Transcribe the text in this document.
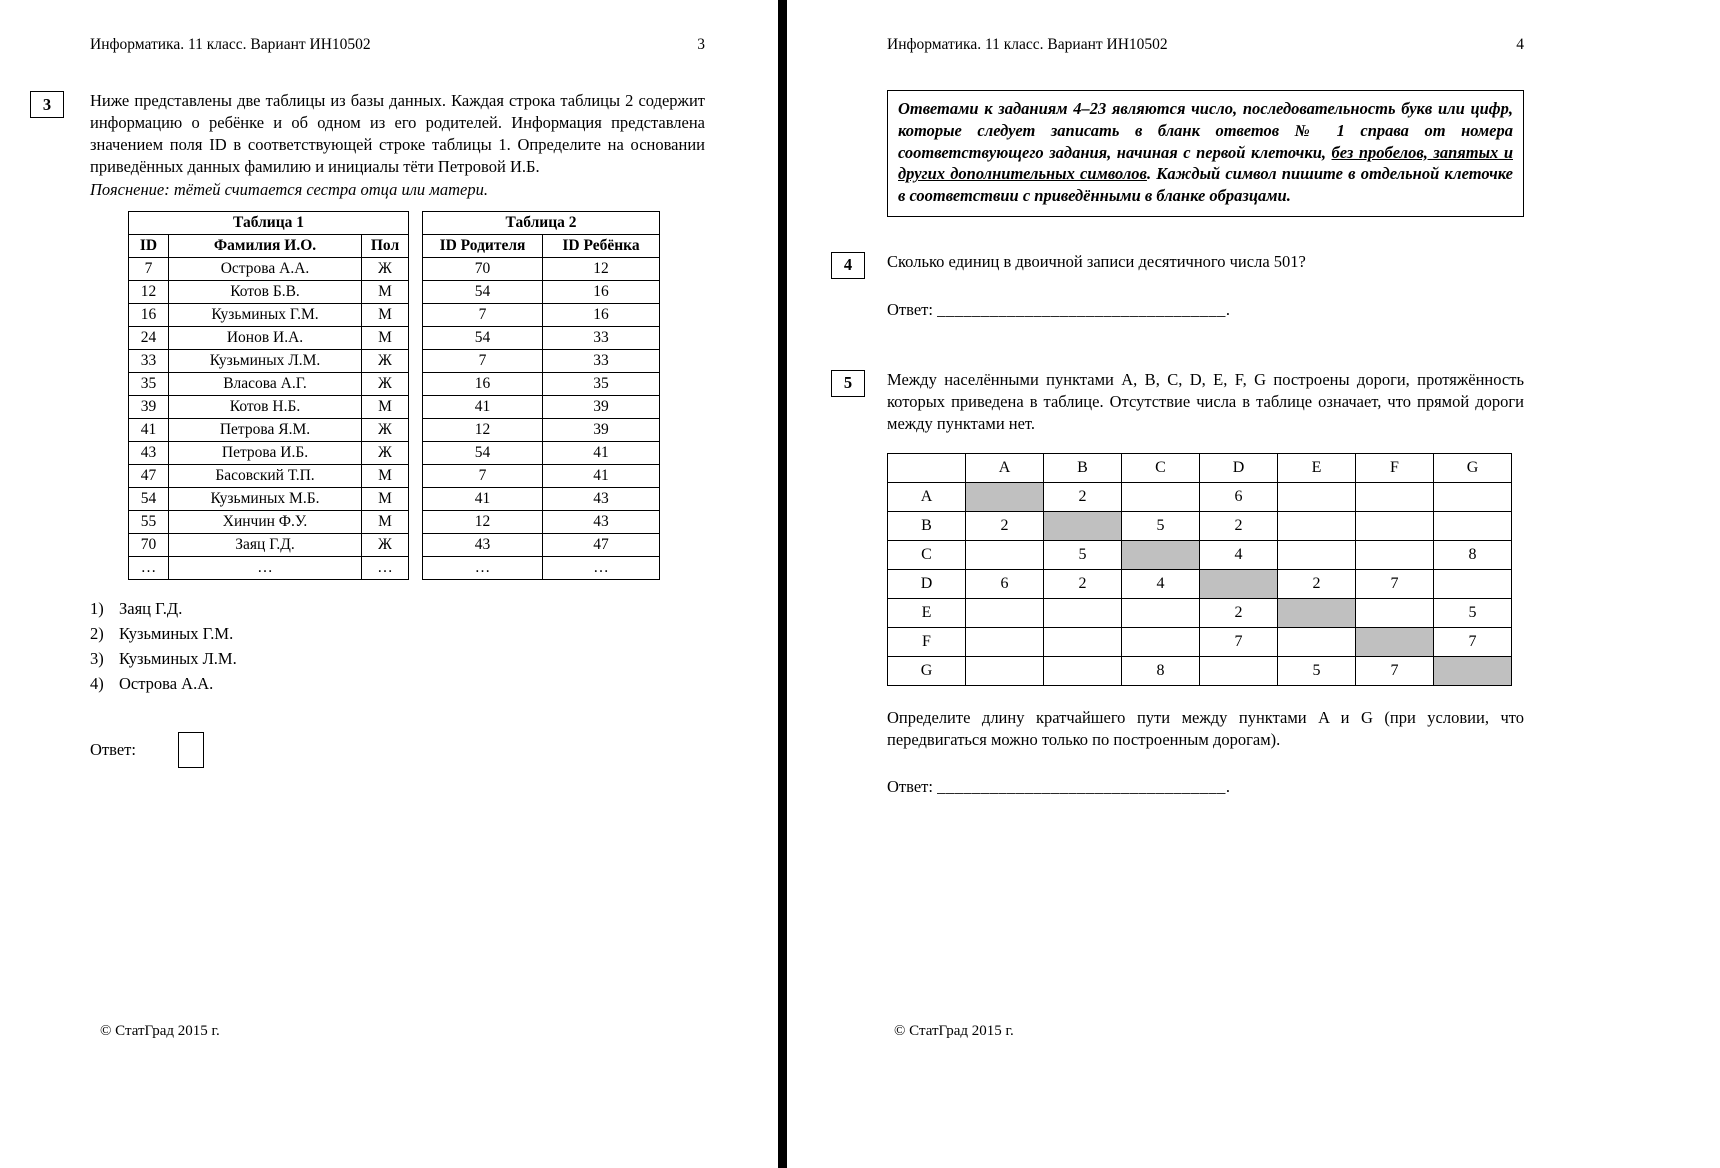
Информатика. 11 класс. Вариант ИН10502	3
3	Ниже представлены две таблицы из базы данных. Каждая строка таблицы 2 содержит информацию о ребёнке и об одном из его родителей. Информация представлена значением поля ID в соответствующей строке таблицы 1. Определите на основании приведённых данных фамилию и инициалы тёти Петровой И.Б.

Пояснение: тётей считается сестра отца или матери.

Таблица 1		
ID	Фамилия И.О.	Пол
7	Острова А.А.	Ж
12	Котов Б.В.	М
16	Кузьминых Г.М.	М
24	Ионов И.А.	М
33	Кузьминых Л.М.	Ж
35	Власова А.Г.	Ж
39	Котов Н.Б.	М
41	Петрова Я.М.	Ж
43	Петрова И.Б.	Ж
47	Басовский Т.П.	М
54	Кузьминых М.Б.	М
55	Хинчин Ф.У.	М
70	Заяц Г.Д.	Ж
…	…	…
Таблица 2	
ID Родителя	ID Ребёнка
70	12
54	16
7	16
54	33
7	33
16	35
41	39
12	39
54	41
7	41
41	43
12	43
43	47
…	…
1) Заяц Г.Д.
2) Кузьминых Г.М.
3) Кузьминых Л.М.
4) Острова А.А.
Ответ:
© СтатГрад 2015 г.
Информатика. 11 класс. Вариант ИН10502	4
Ответами к заданиям 4–23 являются число, последовательность букв или цифр, которые следует записать в бланк ответов № 1 справа от номера соответствующего задания, начиная с первой клеточки, без пробелов, запятых и других дополнительных символов. Каждый символ пишите в отдельной клеточке в соответствии с приведёнными в бланке образцами.
4	Сколько единиц в двоичной записи десятичного числа 501?

Ответ: _________________________________.

5	Между населёнными пунктами A, B, C, D, E, F, G построены дороги, протяжённость которых приведена в таблице. Отсутствие числа в таблице означает, что прямой дороги между пунктами нет.

	A	B	C	D	E	F	G
A		2		6			
B	2		5	2			
C		5		4			8
D	6	2	4		2	7	
E				2			5
F				7			7
G			8		5	7	

Определите длину кратчайшего пути между пунктами A и G (при условии, что передвигаться можно только по построенным дорогам).

Ответ: _________________________________.

© СтатГрад 2015 г.
